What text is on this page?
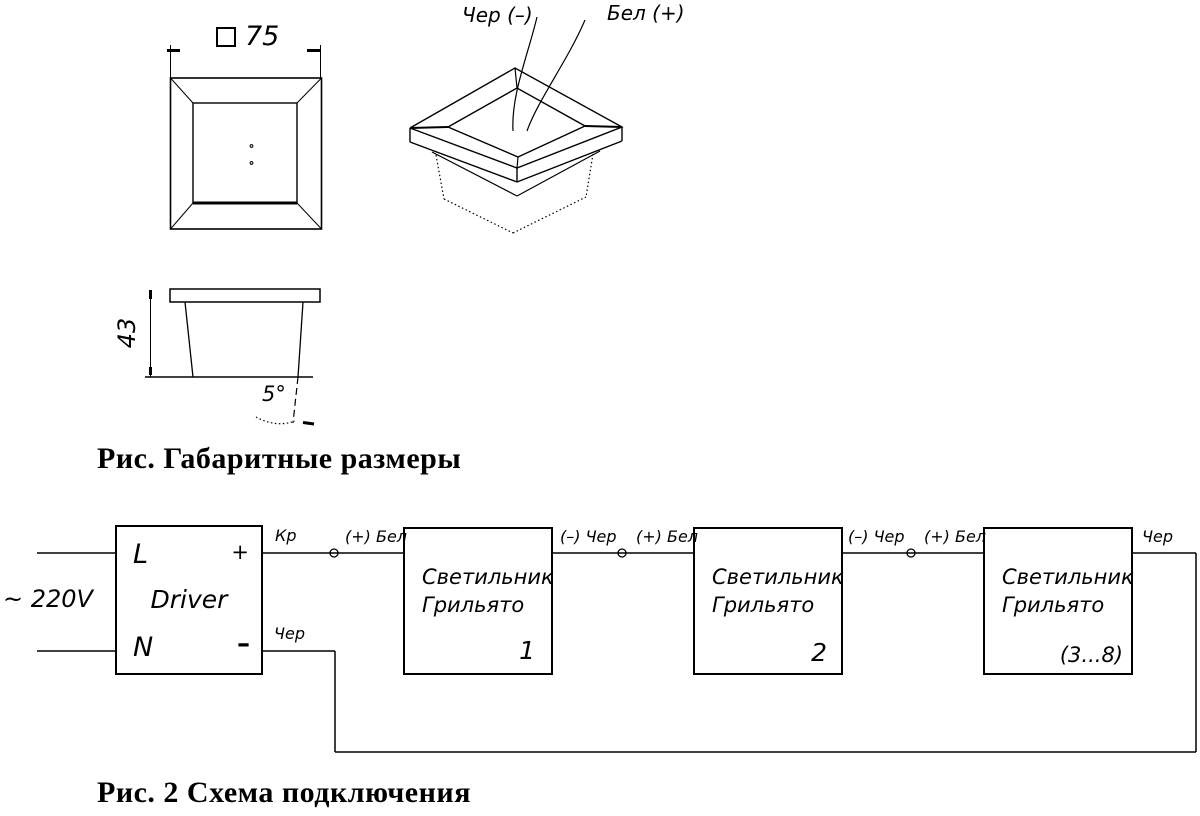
75
Чер (–)	Бел (+)
43
5°
Рис. Габаритные размеры
~ 220V
L
N
+
–
Driver
Светильник
Грильято
1
Светильник
Грильято
2
Светильник
Грильято
(3...8)
Кр	(+) Бел	(–) Чер (+) Бел	(–) Чер (+) Бел	Чер
Чер
Рис. 2 Схема подключения
